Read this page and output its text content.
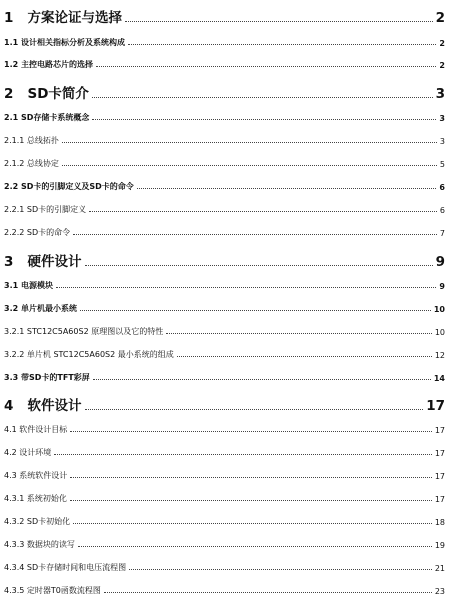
1   方案论证与选择	2
1.1 设计相关指标分析及系统构成	2
1.2 主控电路芯片的选择	2
2   SD卡简介	3
2.1 SD存储卡系统概念	3
2.1.1 总线拓扑	3
2.1.2 总线协定	5
2.2 SD卡的引脚定义及SD卡的命令	6
2.2.1 SD卡的引脚定义	6
2.2.2 SD卡的命令	7
3   硬件设计	9
3.1 电源模块	9
3.2 单片机最小系统	10
3.2.1 STC12C5A60S2 原理图以及它的特性	10
3.2.2 单片机 STC12C5A60S2 最小系统的组成	12
3.3 带SD卡的TFT彩屏	14
4   软件设计	17
4.1 软件设计目标	17
4.2 设计环境	17
4.3 系统软件设计	17
4.3.1 系统初始化	17
4.3.2 SD卡初始化	18
4.3.3 数据块的读写	19
4.3.4 SD卡存储时间和电压流程图	21
4.3.5 定时器T0函数流程图	23
